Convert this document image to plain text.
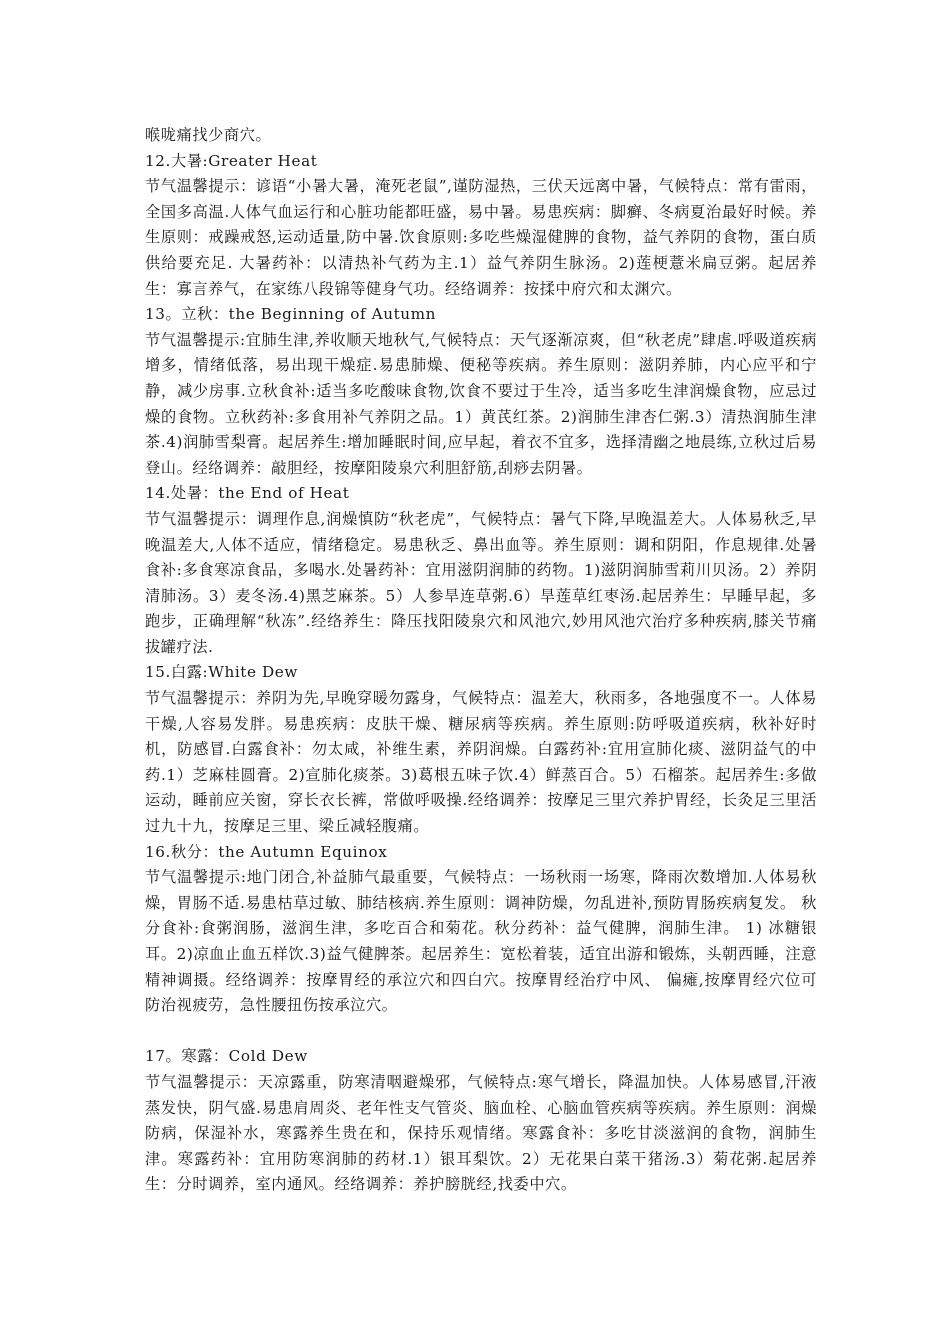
喉咙痛找少商穴。

12.大暑:Greater Heat

节气温馨提示：谚语“小暑大暑，淹死老鼠”,谨防湿热，三伏天远离中暑，气候特点：常有雷雨，全国多高温.人体气血运行和心脏功能都旺盛，易中暑。易患疾病：脚癣、冬病夏治最好时候。养生原则：戒躁戒怒,运动适量,防中暑.饮食原则:多吃些燥湿健脾的食物，益气养阴的食物，蛋白质 供给要充足. 大暑药补：以清热补气药为主.1）益气养阴生脉汤。2)莲梗薏米扁豆粥。起居养生：寡言养气，在家练八段锦等健身气功。经络调养：按揉中府穴和太渊穴。

13。立秋：the Beginning of Autumn

节气温馨提示:宜肺生津,养收顺天地秋气,气候特点：天气逐渐凉爽，但“秋老虎”肆虐.呼吸道疾病增多，情绪低落，易出现干燥症.易患肺燥、便秘等疾病。养生原则：滋阴养肺，内心应平和宁静，减少房事.立秋食补:适当多吃酸味食物,饮食不要过于生冷，适当多吃生津润燥食物，应忌过燥的食物。立秋药补:多食用补气养阴之品。1）黄芪红茶。2)润肺生津杏仁粥.3）清热润肺生津茶.4)润肺雪梨膏。起居养生:增加睡眠时间,应早起，着衣不宜多，选择清幽之地晨练,立秋过后易登山。经络调养：敲胆经，按摩阳陵泉穴利胆舒筋,刮痧去阴暑。

14.处暑：the End of Heat

节气温馨提示：调理作息,润燥慎防“秋老虎”，气候特点：暑气下降,早晚温差大。人体易秋乏,早晚温差大,人体不适应，情绪稳定。易患秋乏、鼻出血等。养生原则：调和阴阳，作息规律.处暑食补:多食寒凉食品，多喝水.处暑药补：宜用滋阴润肺的药物。1)滋阴润肺雪莉川贝汤。2）养阴清肺汤。3）麦冬汤.4)黑芝麻茶。5）人参旱连草粥.6）旱莲草红枣汤.起居养生：早睡早起，多跑步，正确理解“秋冻”.经络养生：降压找阳陵泉穴和风池穴,妙用风池穴治疗多种疾病,膝关节痛拔罐疗法.

15.白露:White Dew

节气温馨提示：养阴为先,早晚穿暖勿露身，气候特点：温差大，秋雨多，各地强度不一。人体易干燥,人容易发胖。易患疾病：皮肤干燥、糖尿病等疾病。养生原则:防呼吸道疾病，秋补好时机，防感冒.白露食补：勿太咸，补维生素，养阴润燥。白露药补:宜用宣肺化痰、滋阴益气的中药.1）芝麻桂圆膏。2)宣肺化痰茶。3)葛根五味子饮.4）鲜蒸百合。5）石榴茶。起居养生:多做运动，睡前应关窗，穿长衣长裤，常做呼吸操.经络调养：按摩足三里穴养护胃经，长灸足三里活过九十九，按摩足三里、梁丘减轻腹痛。

16.秋分：the Autumn Equinox

节气温馨提示:地门闭合,补益肺气最重要，气候特点：一场秋雨一场寒，降雨次数增加.人体易秋燥，胃肠不适.易患枯草过敏、肺结核病.养生原则：调神防燥，勿乱进补,预防胃肠疾病复发。 秋分食补:食粥润肠，滋润生津，多吃百合和菊花。秋分药补：益气健脾，润肺生津。 1) 冰糖银耳。2)凉血止血五样饮.3)益气健脾茶。起居养生：宽松着装，适宜出游和锻炼，头朝西睡，注意精神调摄。经络调养：按摩胃经的承泣穴和四白穴。按摩胃经治疗中风、 偏瘫,按摩胃经穴位可防治视疲劳，急性腰扭伤按承泣穴。

17。寒露：Cold Dew

节气温馨提示：天凉露重，防寒清咽避燥邪，气候特点:寒气增长，降温加快。人体易感冒,汗液蒸发快，阴气盛.易患肩周炎、老年性支气管炎、脑血栓、心脑血管疾病等疾病。养生原则：润燥防病，保湿补水，寒露养生贵在和，保持乐观情绪。寒露食补：多吃甘淡滋润的食物，润肺生津。寒露药补：宜用防寒润肺的药材.1）银耳梨饮。2）无花果白菜干猪汤.3）菊花粥.起居养生：分时调养，室内通风。经络调养：养护膀胱经,找委中穴。
